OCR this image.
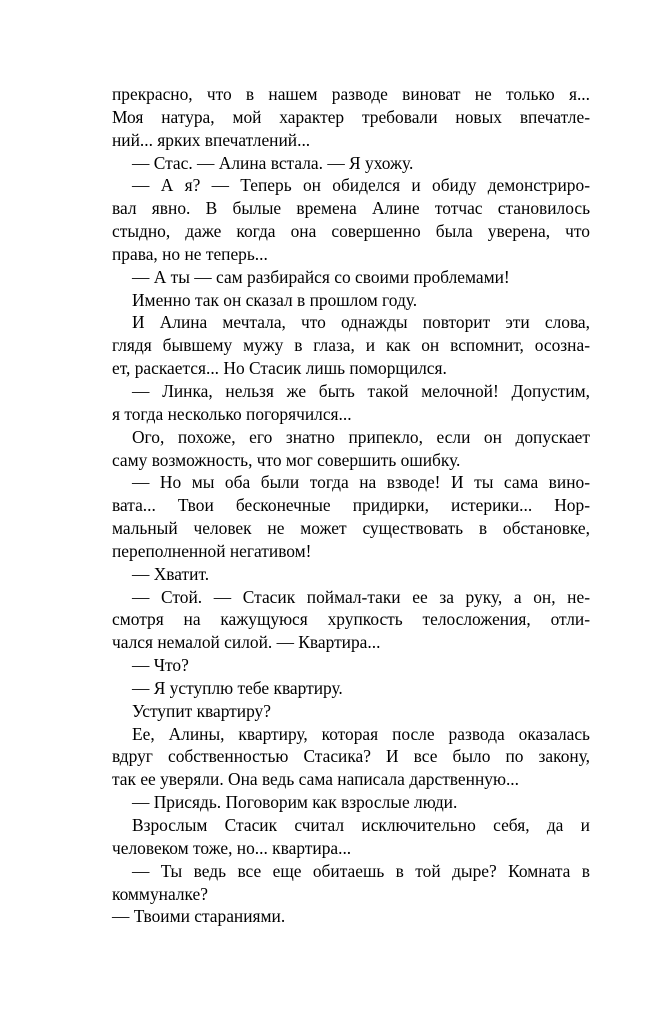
прекрасно, что в нашем разводе виноват не только я...
Моя натура, мой характер требовали новых впечатле-
ний... ярких впечатлений...

— Стас. — Алина встала. — Я ухожу.

— А я? — Теперь он обиделся и обиду демонстриро-
вал явно. В былые времена Алине тотчас становилось
стыдно, даже когда она совершенно была уверена, что
права, но не теперь...

— А ты — сам разбирайся со своими проблемами!

Именно так он сказал в прошлом году.

И Алина мечтала, что однажды повторит эти слова,
глядя бывшему мужу в глаза, и как он вспомнит, осозна-
ет, раскается... Но Стасик лишь поморщился.

— Линка, нельзя же быть такой мелочной! Допустим,
я тогда несколько погорячился...

Ого, похоже, его знатно припекло, если он допускает
саму возможность, что мог совершить ошибку.

— Но мы оба были тогда на взводе! И ты сама вино-
вата... Твои бесконечные придирки, истерики... Нор-
мальный человек не может существовать в обстановке,
переполненной негативом!

— Хватит.

— Стой. — Стасик поймал-таки ее за руку, а он, не-
смотря на кажущуюся хрупкость телосложения, отли-
чался немалой силой. — Квартира...

— Что?

— Я уступлю тебе квартиру.

Уступит квартиру?

Ее, Алины, квартиру, которая после развода оказалась
вдруг собственностью Стасика? И все было по закону,
так ее уверяли. Она ведь сама написала дарственную...

— Присядь. Поговорим как взрослые люди.

Взрослым Стасик считал исключительно себя, да и
человеком тоже, но... квартира...

— Ты ведь все еще обитаешь в той дыре? Комната в
коммуналке?

— Твоими стараниями.
